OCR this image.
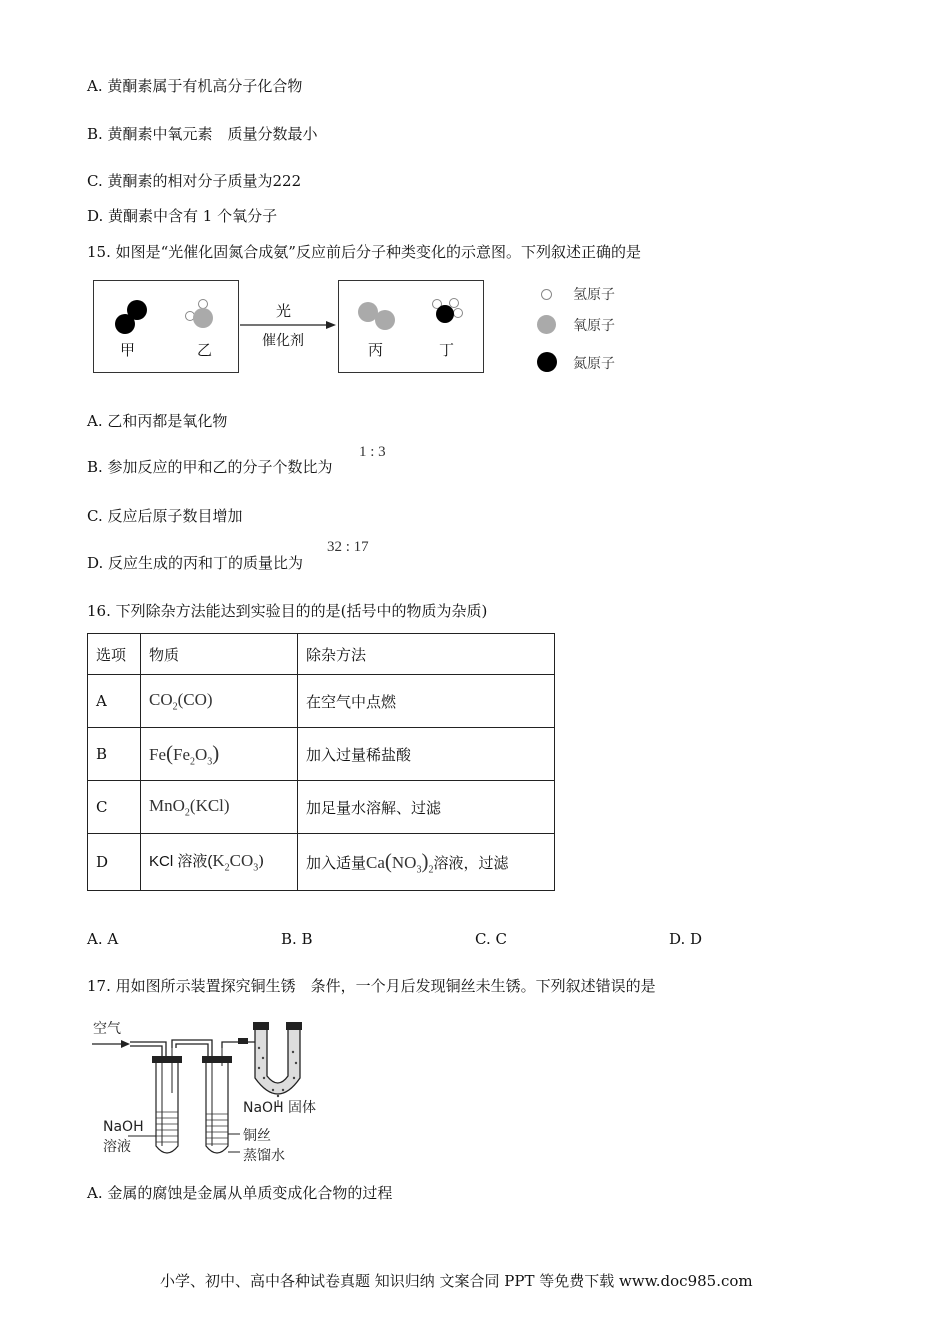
A. 黄酮素属于有机高分子化合物
B. 黄酮素中氧元素　质量分数最小
C. 黄酮素的相对分子质量为222
D. 黄酮素中含有 1 个氧分子
15. 如图是“光催化固氮合成氨”反应前后分子种类变化的示意图。下列叙述正确的是
甲	乙
光
催化剂	丙	丁
氢原子
氧原子
氮原子
A. 乙和丙都是氧化物
B. 参加反应的甲和乙的分子个数比为
1 : 3
C. 反应后原子数目增加
D. 反应生成的丙和丁的质量比为
32 : 17
16. 下列除杂方法能达到实验目的的是(括号中的物质为杂质)
选项	物质	除杂方法
A	$CO_2(CO)$	在空气中点燃
B	$Fe(Fe_2O_3)$	加入过量稀盐酸
C	MnO$_2$(KCl)	加足量水溶解、过滤
D	KCl 溶液$(K_2CO_3)$	加入适量$Ca(NO_3)_2$溶液，过滤
A. A	B. B	C. C	D. D
17. 用如图所示装置探究铜生锈　条件，一个月后发现铜丝未生锈。下列叙述错误的是
空气
NaOH
溶液
NaOH 固体
铜丝
蒸馏水
A. 金属的腐蚀是金属从单质变成化合物的过程
小学、初中、高中各种试卷真题 知识归纳 文案合同 PPT 等免费下载 www.doc985.com
